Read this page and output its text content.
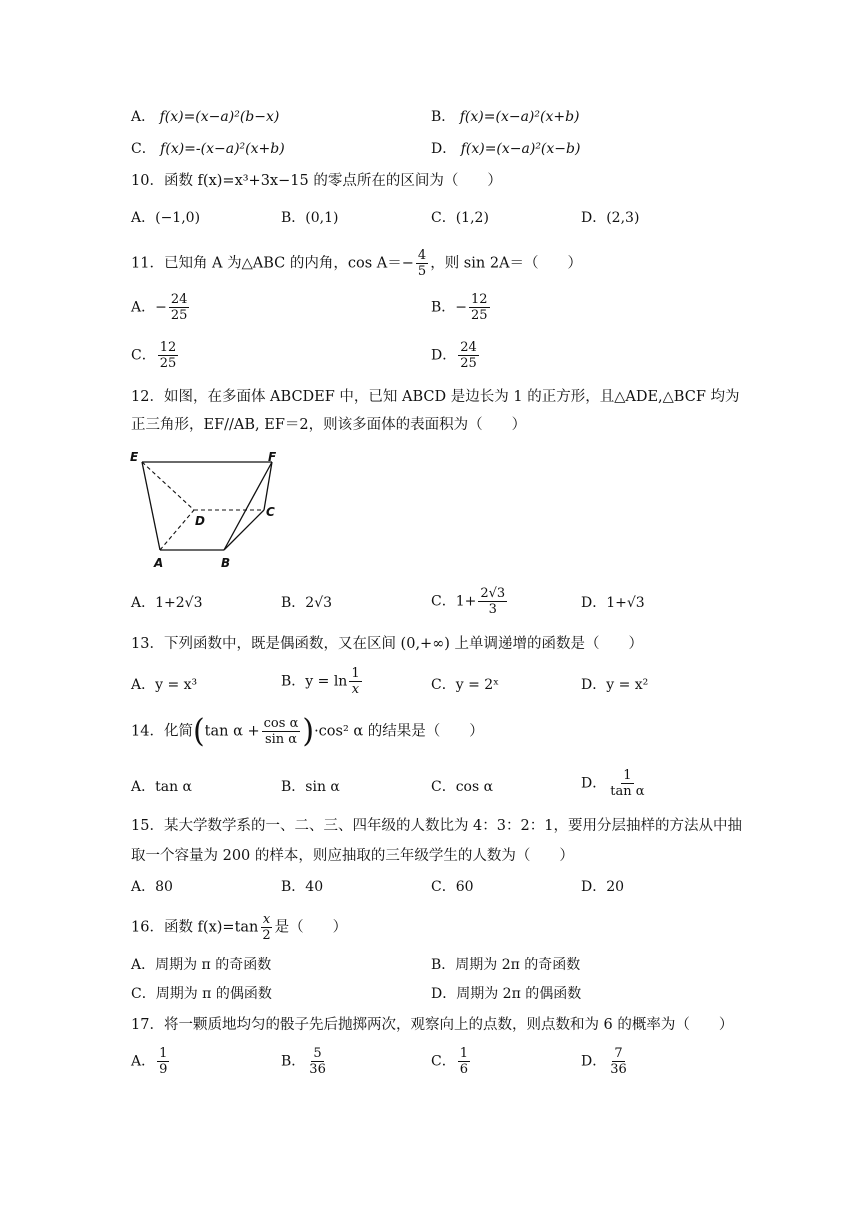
A． f(x)=(x−a)²(b−x)	B． f(x)=(x−a)²(x+b)
C． f(x)=-(x−a)²(x+b)	D． f(x)=(x−a)²(x−b)
10．函数 f(x)=x³+3x−15 的零点所在的区间为（　　）
A．(−1,0)	B．(0,1)	C．(1,2)	D．(2,3)
11．已知角 A 为△ABC 的内角，$\cos A=- \frac{4}{5}$ ，则 sin 2A＝（　　）
A．− $\frac{24}{25}$	B．− $\frac{12}{25}$
C． $\frac{12}{25}$	D． $\frac{24}{25}$
12．如图，在多面体 ABCDEF 中，已知 ABCD 是边长为 1 的正方形，且△ADE,△BCF 均为
正三角形，EF//AB, EF＝2，则该多面体的表面积为（　　）
E	F
D
C
A	B
A．1+2√3	B．2√3	C．$1+ \frac{2√3}{3}$	D．1+√3
13．下列函数中，既是偶函数，又在区间 (0,+∞) 上单调递增的函数是（　　）
A．y = x³	B．$y = \ln \frac{1}{x}$	C．y = 2ˣ	D．y = x²
14．化简(tan $\alpha + \frac{\text{cos α}}{\text{sin α}} )\cdot\cos^2$ α 的结果是（　　）
A．tan α	B．sin α	C．cos α	D． $\frac{1}{\text{tan α}}$
15．某大学数学系的一、二、三、四年级的人数比为 4：3：2：1，要用分层抽样的方法从中抽
取一个容量为 200 的样本，则应抽取的三年级学生的人数为（　　）
A．80	B．40	C．60	D．20
16．函数 $f(x)=\tan \frac{x}{2}$ 是（　　）
A．周期为 π 的奇函数	B．周期为 2π 的奇函数
C．周期为 π 的偶函数	D．周期为 2π 的偶函数
17．将一颗质地均匀的骰子先后抛掷两次，观察向上的点数，则点数和为 6 的概率为（　　）
A． $\frac{1}{9}$	B． $\frac{5}{36}$	C． $\frac{1}{6}$	D． $\frac{7}{36}$
